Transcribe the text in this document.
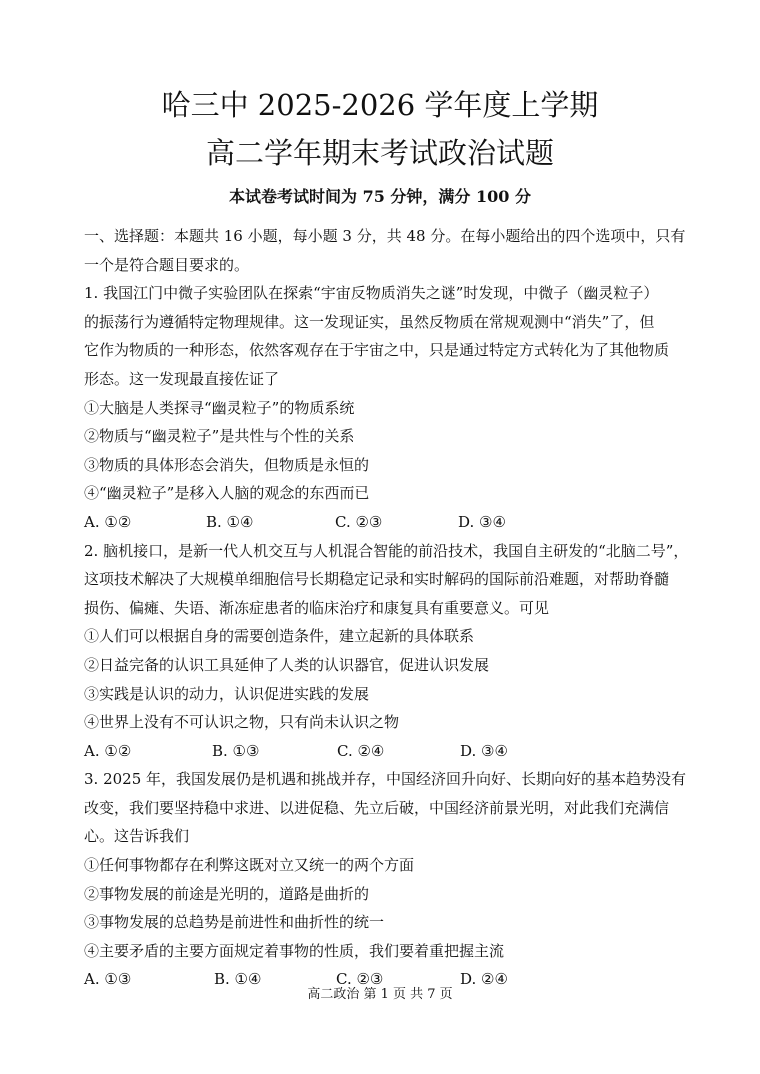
哈三中 2025-2026 学年度上学期
高二学年期末考试政治试题
本试卷考试时间为 75 分钟，满分 100 分
一、选择题：本题共 16 小题，每小题 3 分，共 48 分。在每小题给出的四个选项中，只有
一个是符合题目要求的。
1. 我国江门中微子实验团队在探索“宇宙反物质消失之谜”时发现，中微子（幽灵粒子）
的振荡行为遵循特定物理规律。这一发现证实，虽然反物质在常规观测中“消失”了，但
它作为物质的一种形态，依然客观存在于宇宙之中，只是通过特定方式转化为了其他物质
形态。这一发现最直接佐证了
①大脑是人类探寻“幽灵粒子”的物质系统
②物质与“幽灵粒子”是共性与个性的关系
③物质的具体形态会消失，但物质是永恒的
④“幽灵粒子”是移入人脑的观念的东西而已
A. ①②	B. ①④	C. ②③	D. ③④
2. 脑机接口，是新一代人机交互与人机混合智能的前沿技术，我国自主研发的“北脑二号”，
这项技术解决了大规模单细胞信号长期稳定记录和实时解码的国际前沿难题，对帮助脊髓
损伤、偏瘫、失语、渐冻症患者的临床治疗和康复具有重要意义。可见
①人们可以根据自身的需要创造条件，建立起新的具体联系
②日益完备的认识工具延伸了人类的认识器官，促进认识发展
③实践是认识的动力，认识促进实践的发展
④世界上没有不可认识之物，只有尚未认识之物
A. ①②	B. ①③	C. ②④	D. ③④
3. 2025 年，我国发展仍是机遇和挑战并存，中国经济回升向好、长期向好的基本趋势没有
改变，我们要坚持稳中求进、以进促稳、先立后破，中国经济前景光明，对此我们充满信
心。这告诉我们
①任何事物都存在利弊这既对立又统一的两个方面
②事物发展的前途是光明的，道路是曲折的
③事物发展的总趋势是前进性和曲折性的统一
④主要矛盾的主要方面规定着事物的性质，我们要着重把握主流
A. ①③	B. ①④	C. ②③	D. ②④
高二政治 第 1 页 共 7 页
